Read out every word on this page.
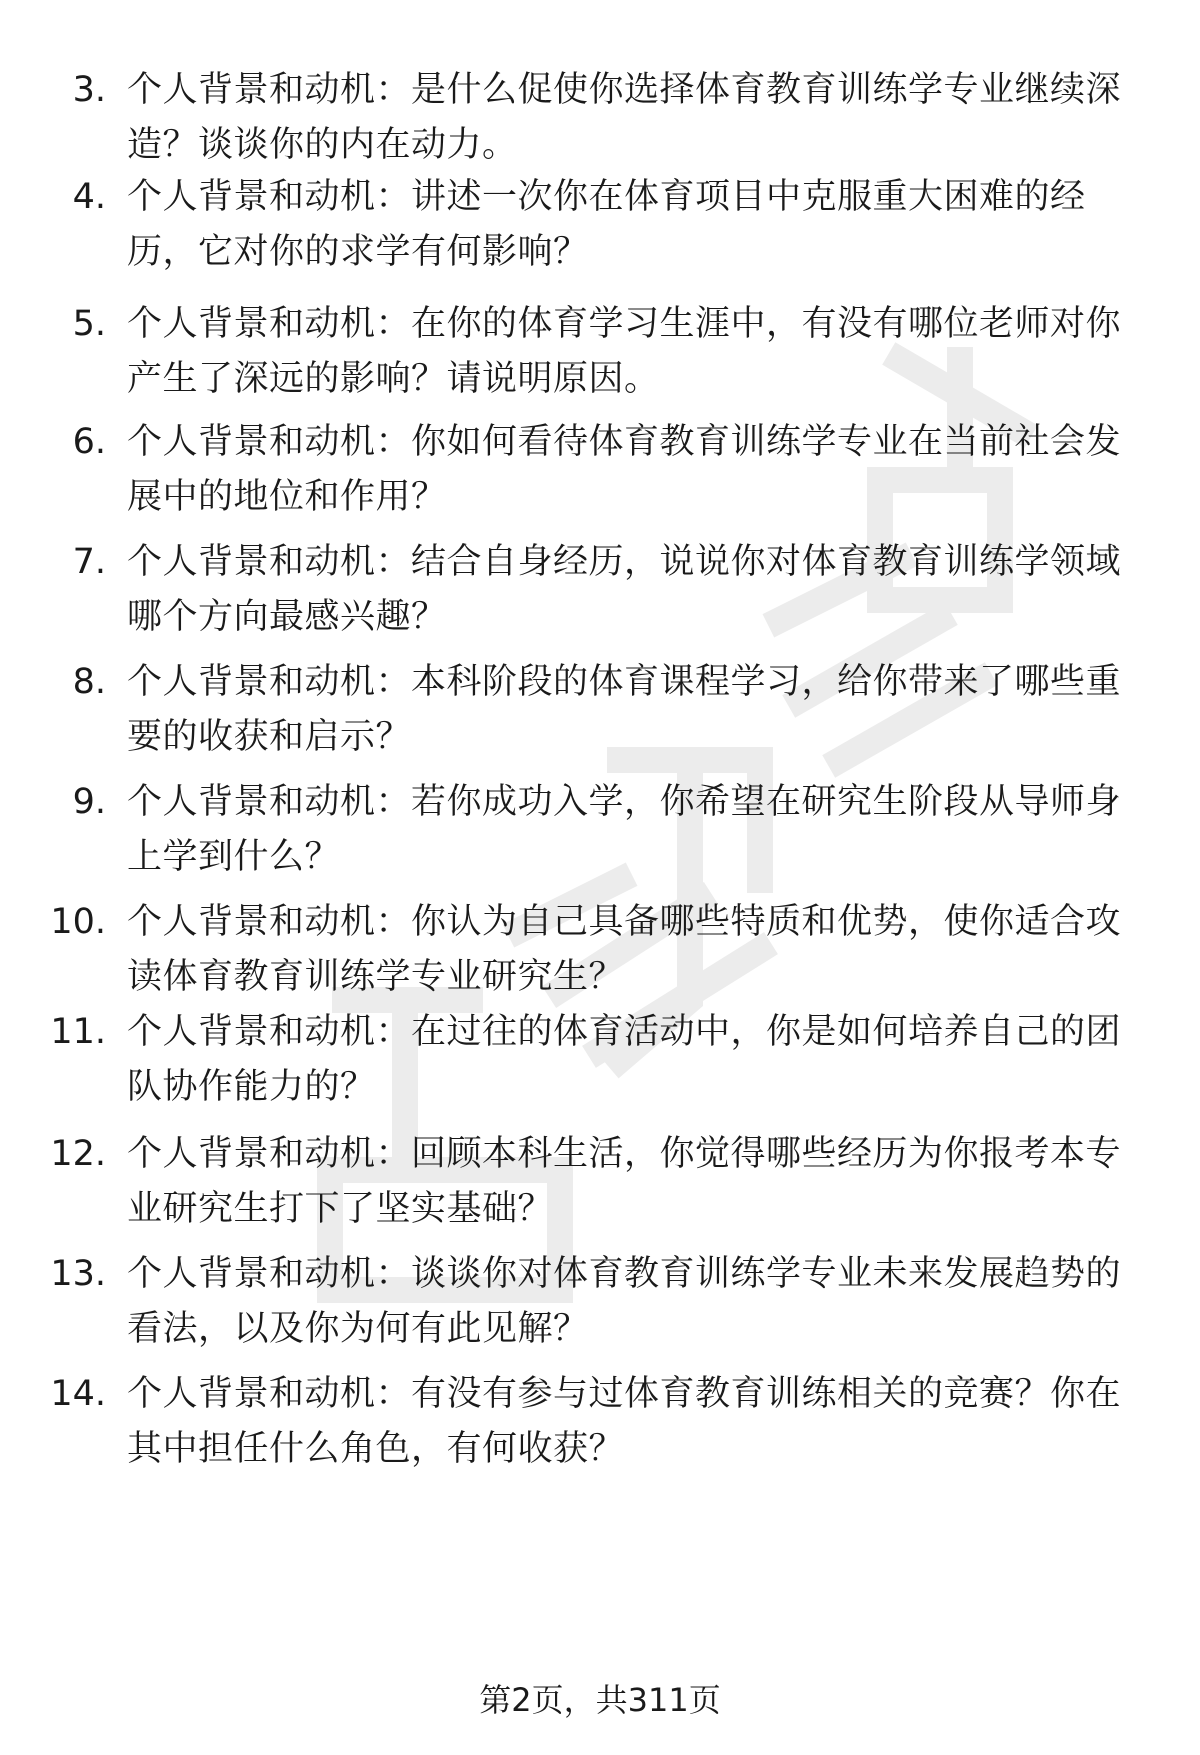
3. 个人背景和动机：是什么促使你选择体育教育训练学专业继续深造？谈谈你的内在动力。
4. 个人背景和动机：讲述一次你在体育项目中克服重大困难的经历，它对你的求学有何影响？
5. 个人背景和动机：在你的体育学习生涯中，有没有哪位老师对你产生了深远的影响？请说明原因。
6. 个人背景和动机：你如何看待体育教育训练学专业在当前社会发展中的地位和作用？
7. 个人背景和动机：结合自身经历，说说你对体育教育训练学领域哪个方向最感兴趣？
8. 个人背景和动机：本科阶段的体育课程学习，给你带来了哪些重要的收获和启示？
9. 个人背景和动机：若你成功入学，你希望在研究生阶段从导师身上学到什么？
10. 个人背景和动机：你认为自己具备哪些特质和优势，使你适合攻读体育教育训练学专业研究生？
11. 个人背景和动机：在过往的体育活动中，你是如何培养自己的团队协作能力的？
12. 个人背景和动机：回顾本科生活，你觉得哪些经历为你报考本专业研究生打下了坚实基础？
13. 个人背景和动机：谈谈你对体育教育训练学专业未来发展趋势的看法，以及你为何有此见解？
14. 个人背景和动机：有没有参与过体育教育训练相关的竞赛？你在其中担任什么角色，有何收获？
第2页，共311页
